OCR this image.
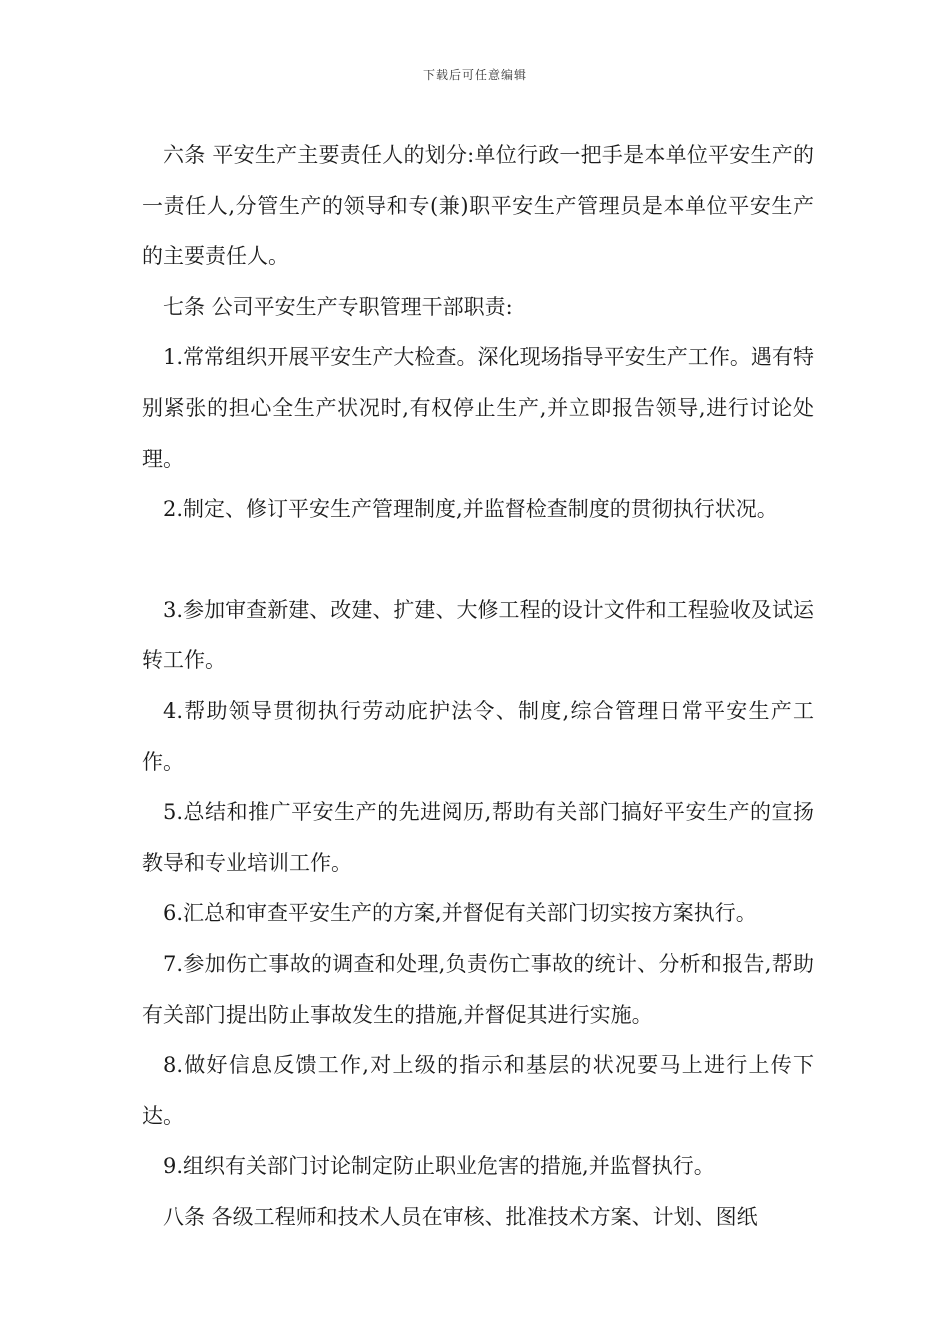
下载后可任意编辑

六条 平安生产主要责任人的划分:单位行政一把手是本单位平安生产的一责任人,分管生产的领导和专(兼)职平安生产管理员是本单位平安生产的主要责任人。

七条 公司平安生产专职管理干部职责:

1.常常组织开展平安生产大检查。深化现场指导平安生产工作。遇有特别紧张的担心全生产状况时,有权停止生产,并立即报告领导,进行讨论处理。

2.制定、修订平安生产管理制度,并监督检查制度的贯彻执行状况。

3.参加审查新建、改建、扩建、大修工程的设计文件和工程验收及试运转工作。

4.帮助领导贯彻执行劳动庇护法令、制度,综合管理日常平安生产工作。

5.总结和推广平安生产的先进阅历,帮助有关部门搞好平安生产的宣扬教导和专业培训工作。

6.汇总和审查平安生产的方案,并督促有关部门切实按方案执行。

7.参加伤亡事故的调查和处理,负责伤亡事故的统计、分析和报告,帮助有关部门提出防止事故发生的措施,并督促其进行实施。

8.做好信息反馈工作,对上级的指示和基层的状况要马上进行上传下达。

9.组织有关部门讨论制定防止职业危害的措施,并监督执行。

八条 各级工程师和技术人员在审核、批准技术方案、计划、图纸
